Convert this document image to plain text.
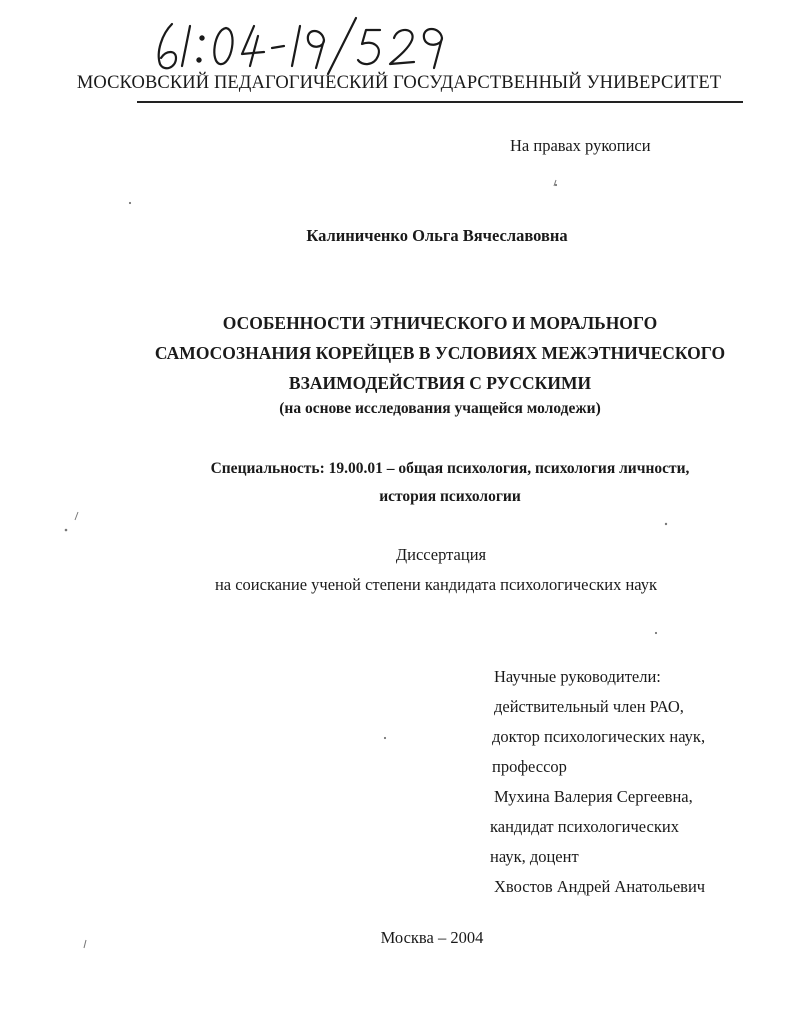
МОСКОВСКИЙ ПЕДАГОГИЧЕСКИЙ ГОСУДАРСТВЕННЫЙ УНИВЕРСИТЕТ
На правах рукописи
Калиниченко Ольга Вячеславовна
ОСОБЕННОСТИ ЭТНИЧЕСКОГО И МОРАЛЬНОГО
САМОСОЗНАНИЯ КОРЕЙЦЕВ В УСЛОВИЯХ МЕЖЭТНИЧЕСКОГО
ВЗАИМОДЕЙСТВИЯ С РУССКИМИ
(на основе исследования учащейся молодежи)
Специальность: 19.00.01 – общая психология, психология личности,
история психологии
Диссертация
на соискание ученой степени кандидата психологических наук
Научные руководители:
действительный член РАО,
доктор психологических наук,
профессор
Мухина Валерия Сергеевна,
кандидат психологических
наук, доцент
Хвостов Андрей Анатольевич
Москва – 2004
